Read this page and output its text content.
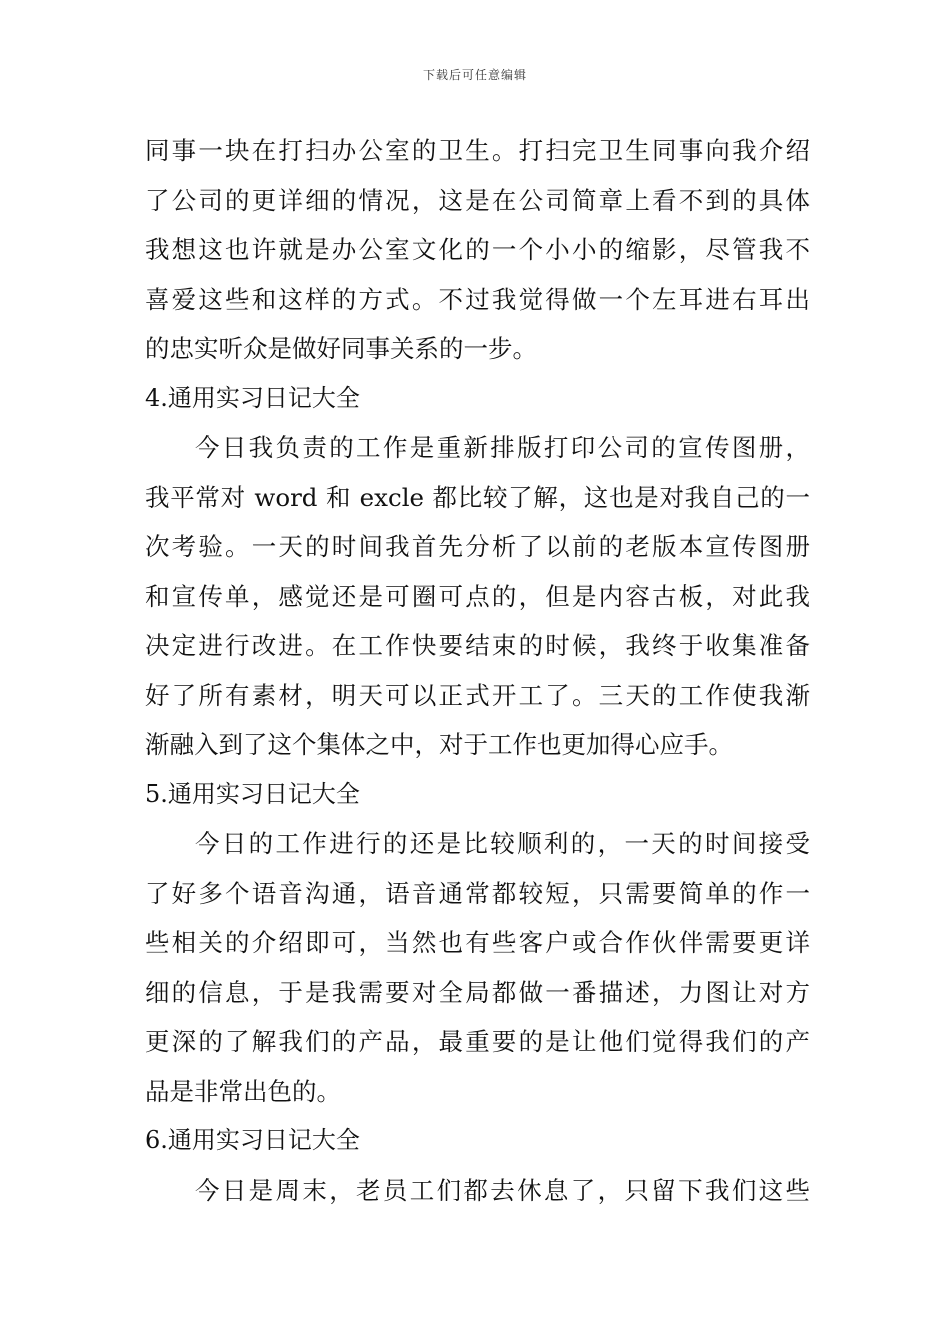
下载后可任意编辑
同事一块在打扫办公室的卫生。打扫完卫生同事向我介绍
了公司的更详细的情况，这是在公司简章上看不到的具体
我想这也许就是办公室文化的一个小小的缩影，尽管我不
喜爱这些和这样的方式。不过我觉得做一个左耳进右耳出
的忠实听众是做好同事关系的一步。
4.通用实习日记大全
今日我负责的工作是重新排版打印公司的宣传图册，
我平常对 word 和 excle 都比较了解，这也是对我自己的一
次考验。一天的时间我首先分析了以前的老版本宣传图册
和宣传单，感觉还是可圈可点的，但是内容古板，对此我
决定进行改进。在工作快要结束的时候，我终于收集准备
好了所有素材，明天可以正式开工了。三天的工作使我渐
渐融入到了这个集体之中，对于工作也更加得心应手。
5.通用实习日记大全
今日的工作进行的还是比较顺利的，一天的时间接受
了好多个语音沟通，语音通常都较短，只需要简单的作一
些相关的介绍即可，当然也有些客户或合作伙伴需要更详
细的信息，于是我需要对全局都做一番描述，力图让对方
更深的了解我们的产品，最重要的是让他们觉得我们的产
品是非常出色的。
6.通用实习日记大全
今日是周末，老员工们都去休息了，只留下我们这些
